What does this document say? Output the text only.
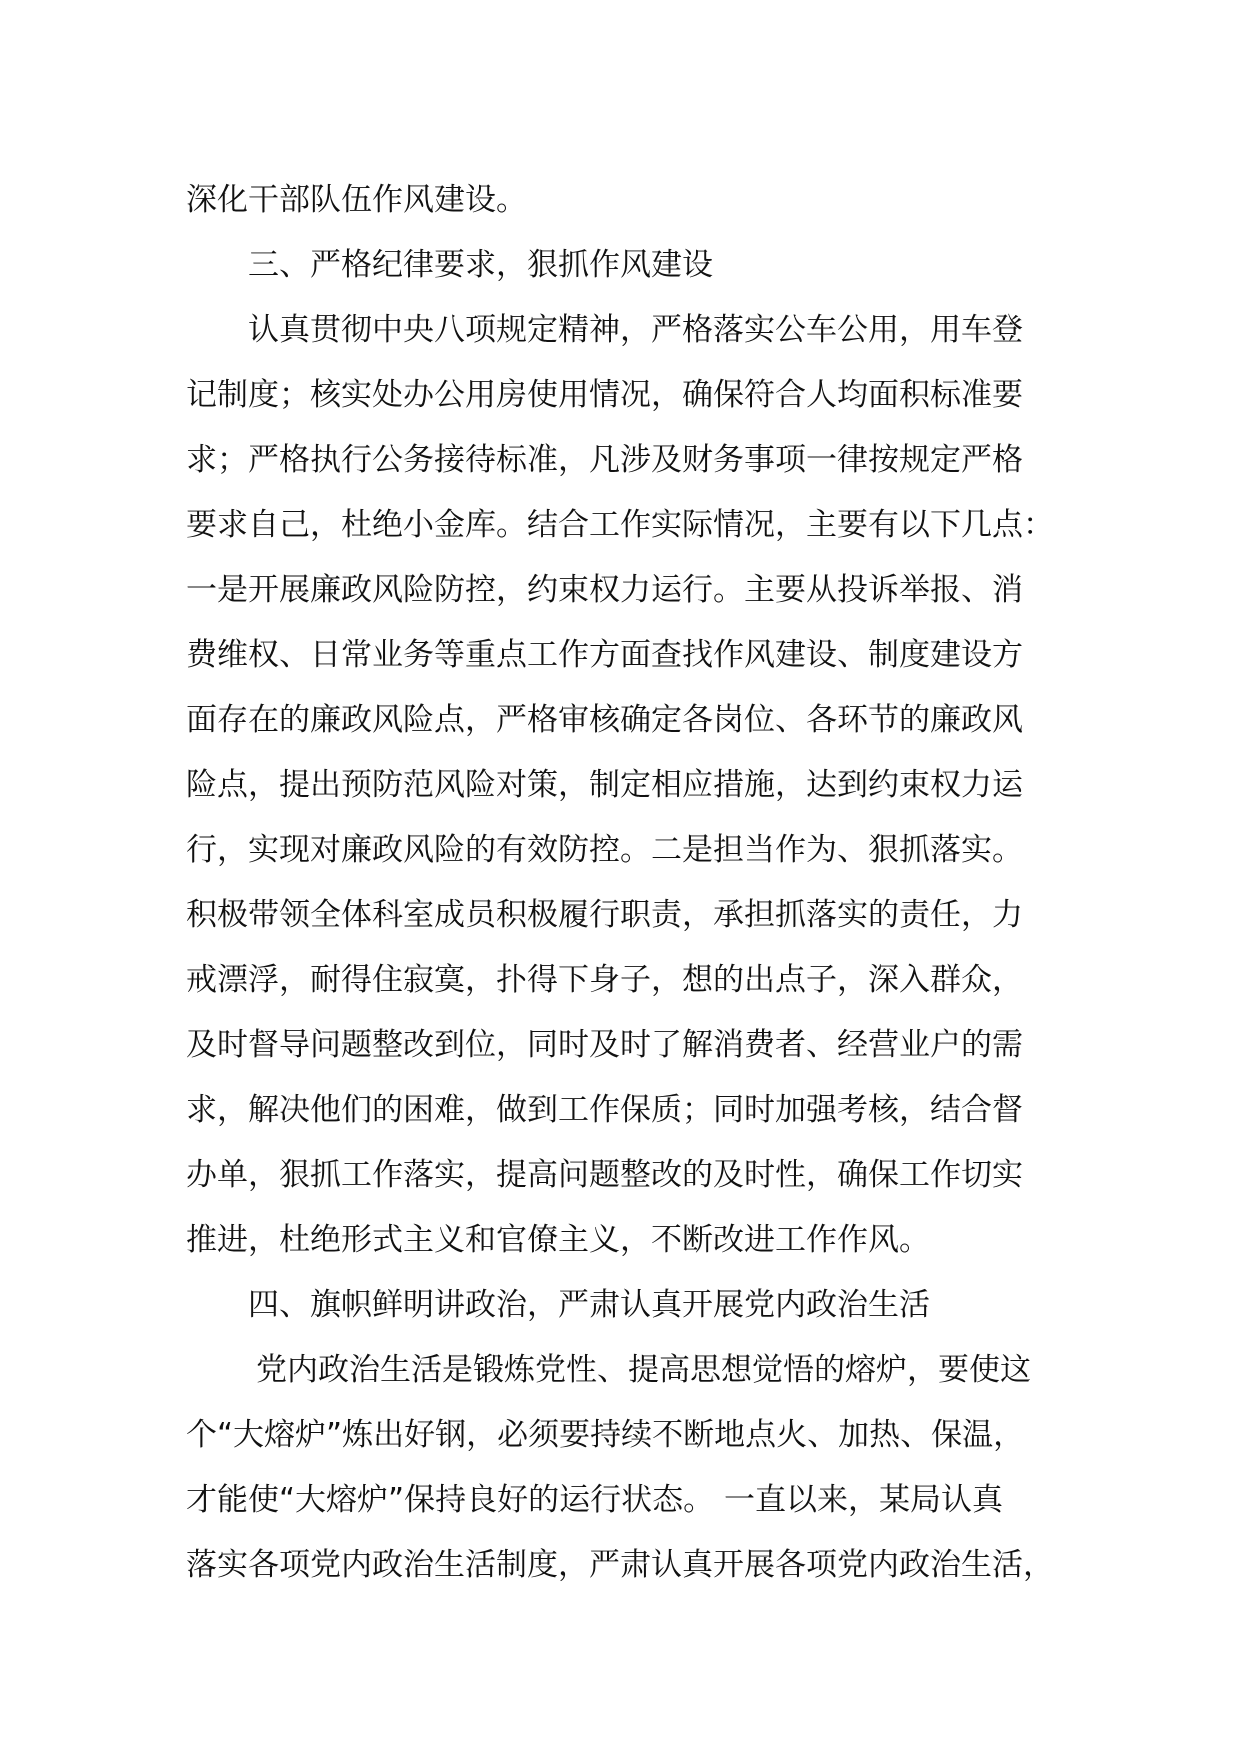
深化干部队伍作风建设。
三、严格纪律要求，狠抓作风建设
认真贯彻中央八项规定精神，严格落实公车公用，用车登
记制度；核实处办公用房使用情况，确保符合人均面积标准要
求；严格执行公务接待标准，凡涉及财务事项一律按规定严格
要求自己，杜绝小金库。结合工作实际情况，主要有以下几点：
一是开展廉政风险防控，约束权力运行。主要从投诉举报、消
费维权、日常业务等重点工作方面查找作风建设、制度建设方
面存在的廉政风险点，严格审核确定各岗位、各环节的廉政风
险点，提出预防范风险对策，制定相应措施，达到约束权力运
行，实现对廉政风险的有效防控。二是担当作为、狠抓落实。
积极带领全体科室成员积极履行职责，承担抓落实的责任，力
戒漂浮，耐得住寂寞，扑得下身子，想的出点子，深入群众，
及时督导问题整改到位，同时及时了解消费者、经营业户的需
求，解决他们的困难，做到工作保质；同时加强考核，结合督
办单，狠抓工作落实，提高问题整改的及时性，确保工作切实
推进，杜绝形式主义和官僚主义，不断改进工作作风。
四、旗帜鲜明讲政治，严肃认真开展党内政治生活
党内政治生活是锻炼党性、提高思想觉悟的熔炉，要使这
个“大熔炉”炼出好钢，必须要持续不断地点火、加热、保温，
才能使“大熔炉”保持良好的运行状态。 一直以来，某局认真
落实各项党内政治生活制度，严肃认真开展各项党内政治生活，
